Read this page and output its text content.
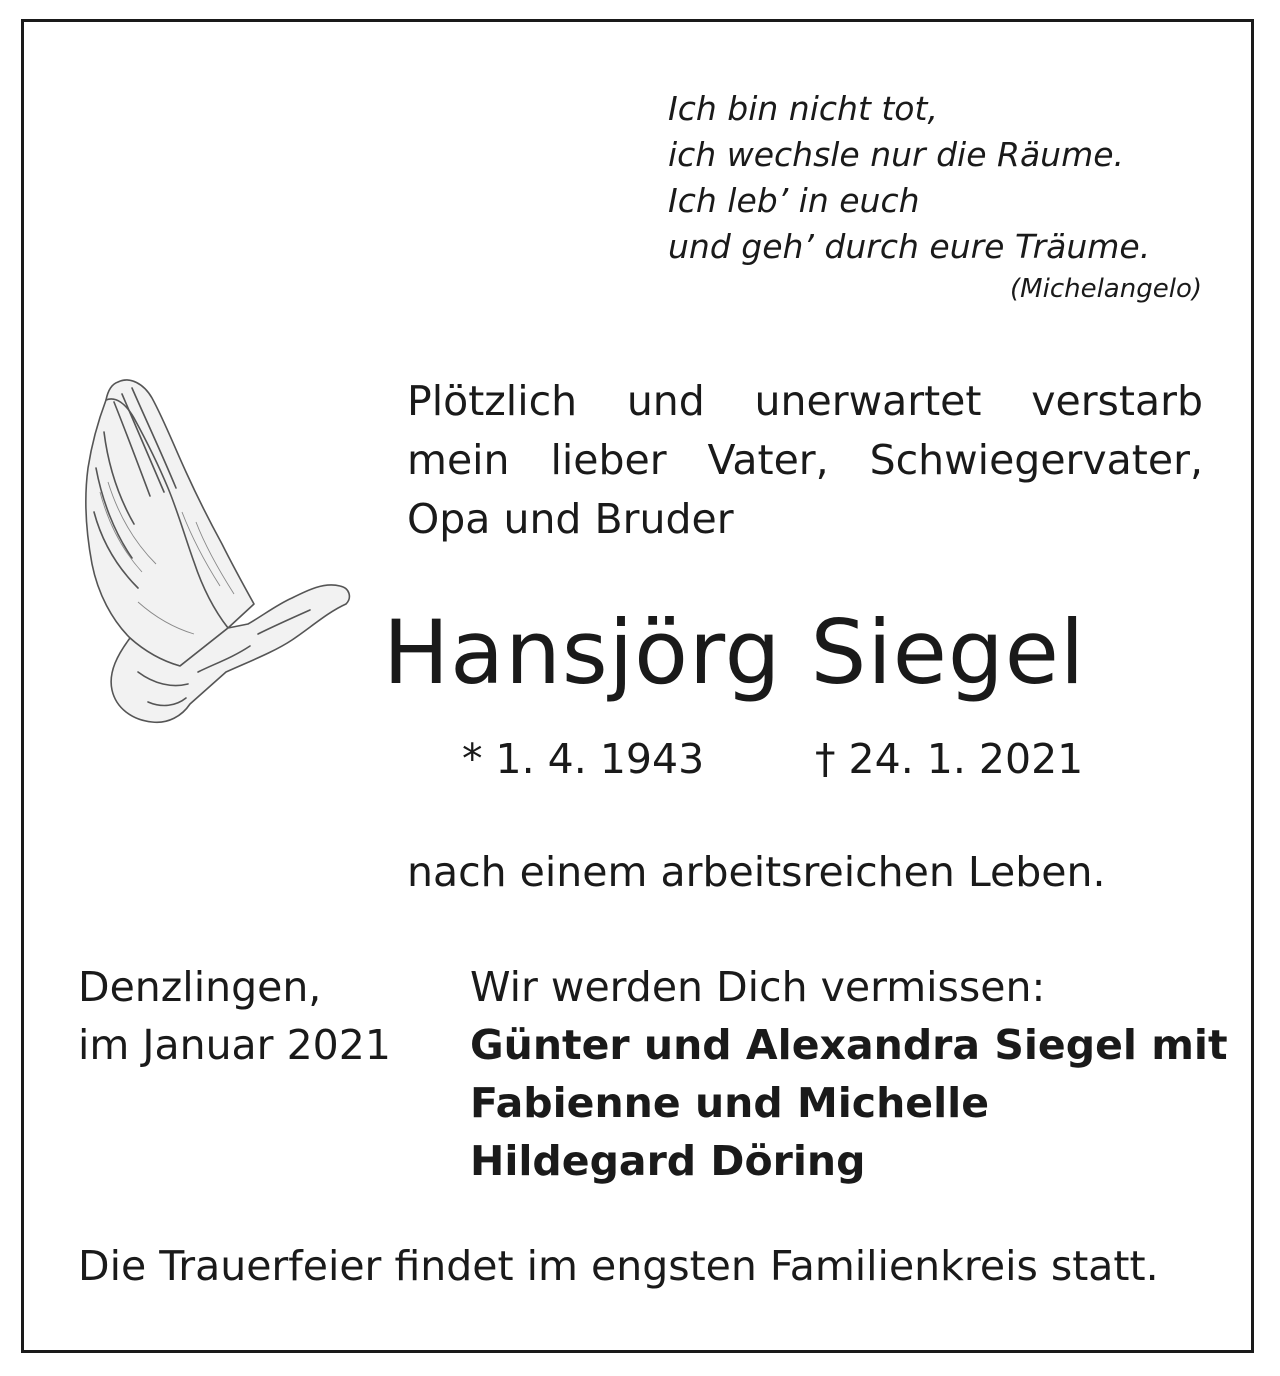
Ich bin nicht tot,
ich wechsle nur die Räume.
Ich leb’ in euch
und geh’ durch eure Träume.
(Michelangelo)
Plötzlich und unerwartet verstarb
mein lieber Vater, Schwiegervater,
Opa und Bruder
Hansjörg Siegel
* 1. 4. 1943	† 24. 1. 2021
nach einem arbeitsreichen Leben.
Denzlingen,
im Januar 2021
Wir werden Dich vermissen:
Günter und Alexandra Siegel mit
Fabienne und Michelle
Hildegard Döring
Die Trauerfeier findet im engsten Familienkreis statt.
